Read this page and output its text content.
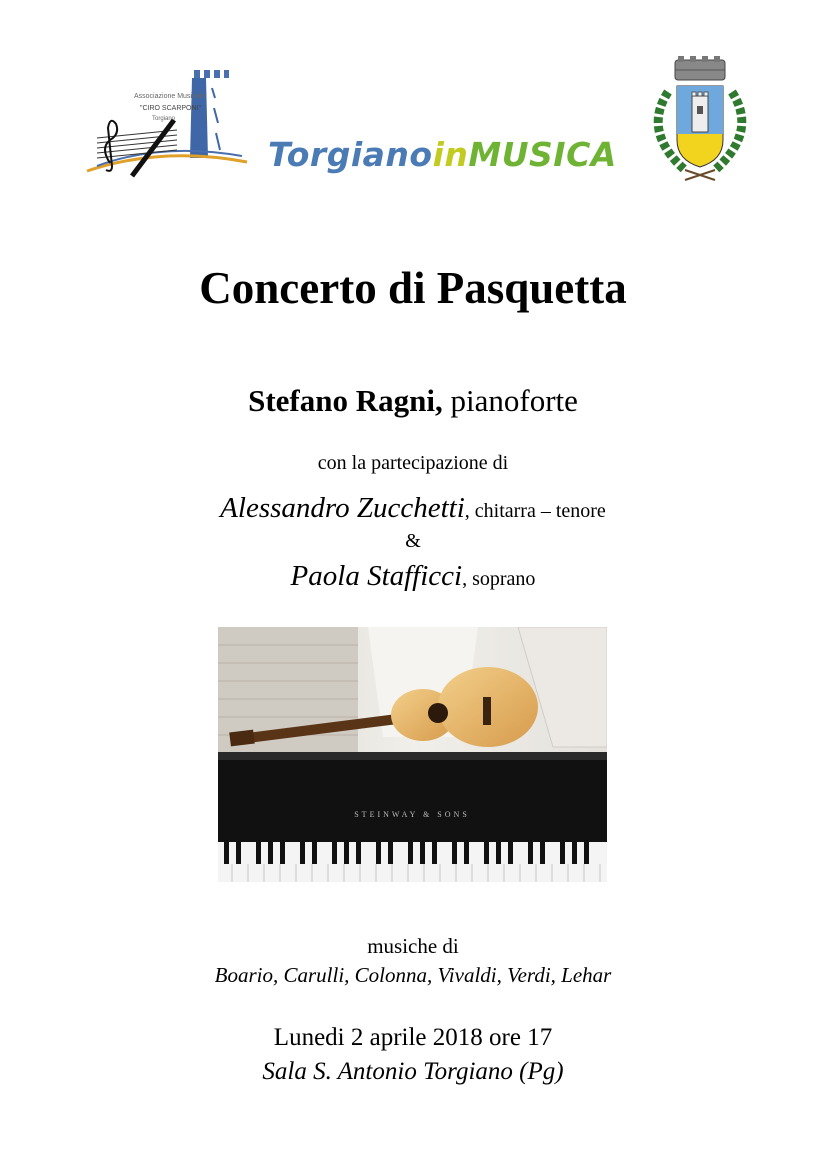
Associazione Musicale
"CIRO SCARPONI"
Torgiano
TorgianoinMUSICA
Concerto di Pasquetta
Stefano Ragni, pianoforte
con la partecipazione di
Alessandro Zucchetti, chitarra – tenore
&
Paola Stafficci, soprano
STEINWAY & SONS
musiche di
Boario, Carulli, Colonna, Vivaldi, Verdi, Lehar
Lunedi 2 aprile 2018 ore 17
Sala S. Antonio Torgiano (Pg)
